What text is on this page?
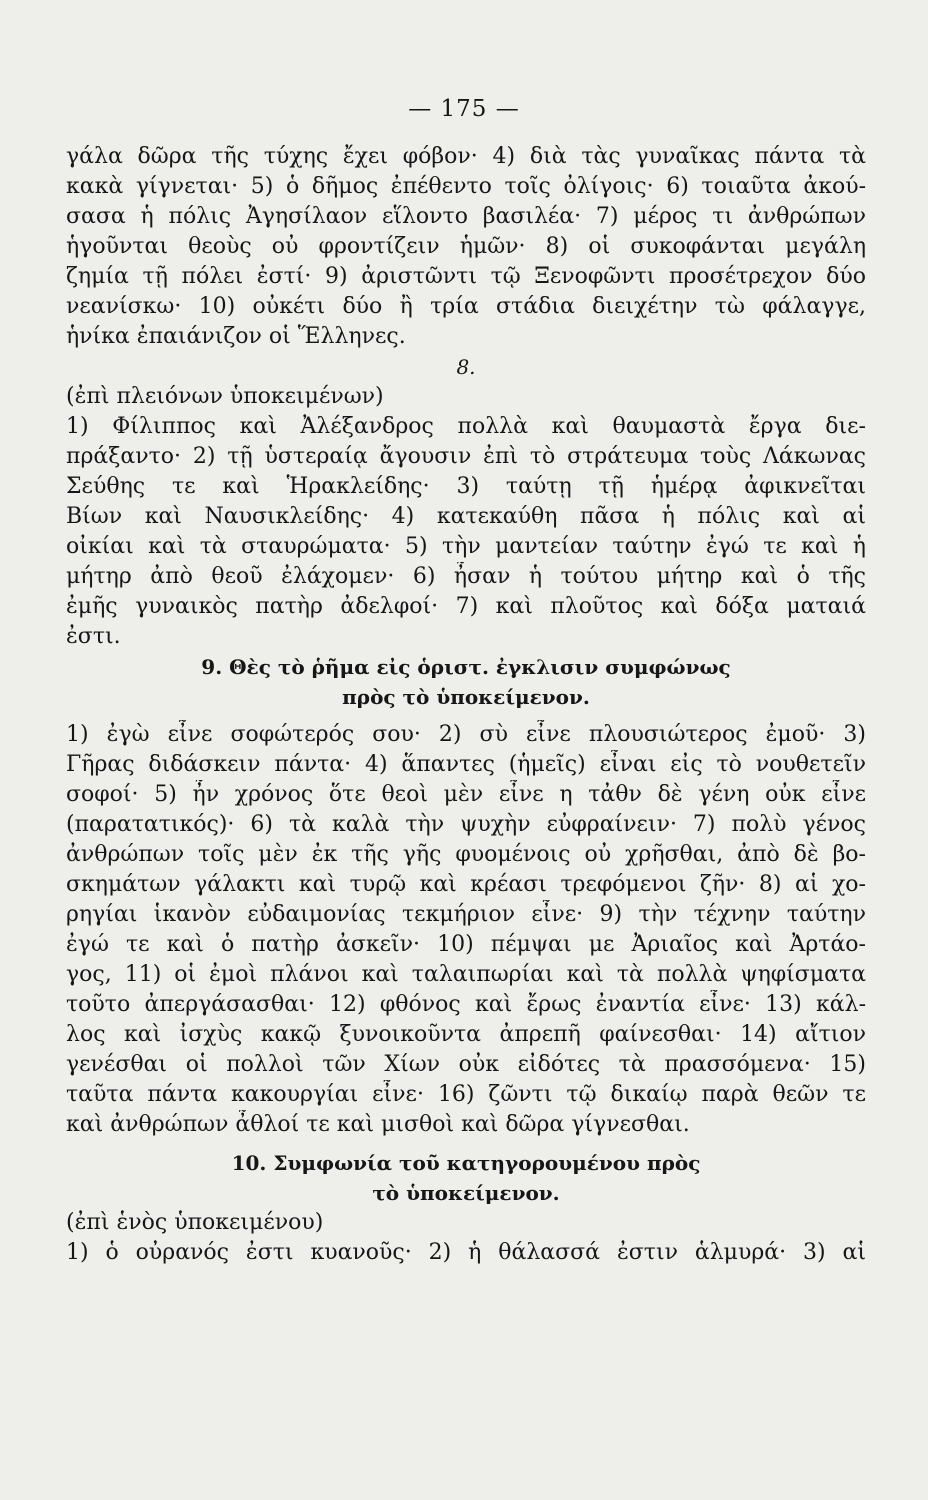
— 175 —
γάλα δῶρα τῆς τύχης ἔχει φόβον· 4) διὰ τὰς γυναῖκας πάντα τὰ
κακὰ γίγνεται· 5) ὁ δῆμος ἐπέθεντο τοῖς ὀλίγοις· 6) τοιαῦτα ἀκού-
σασα ἡ πόλις Ἀγησίλαον εἵλοντο βασιλέα· 7) μέρος τι ἀνθρώπων
ἡγοῦνται θεοὺς οὐ φροντίζειν ἡμῶν· 8) οἱ συκοφάνται μεγάλη
ζημία τῇ πόλει ἐστί· 9) ἀριστῶντι τῷ Ξενοφῶντι προσέτρεχον δύο
νεανίσκω· 10) οὐκέτι δύο ἢ τρία στάδια διειχέτην τὼ φάλαγγε,
ἡνίκα ἐπαιάνιζον οἱ Ἕλληνες.
8.
(ἐπὶ πλειόνων ὑποκειμένων)
1) Φίλιππος καὶ Ἀλέξανδρος πολλὰ καὶ θαυμαστὰ ἔργα διε-
πράξαντο· 2) τῇ ὑστεραίᾳ ἄγουσιν ἐπὶ τὸ στράτευμα τοὺς Λάκωνας
Σεύθης τε καὶ Ἡρακλείδης· 3) ταύτῃ τῇ ἡμέρᾳ ἀφικνεῖται
Βίων καὶ Ναυσικλείδης· 4) κατεκαύθη πᾶσα ἡ πόλις καὶ αἱ
οἰκίαι καὶ τὰ σταυρώματα· 5) τὴν μαντείαν ταύτην ἐγώ τε καὶ ἡ
μήτηρ ἀπὸ θεοῦ ἐλάχομεν· 6) ἦσαν ἡ τούτου μήτηρ καὶ ὁ τῆς
ἐμῆς γυναικὸς πατὴρ ἀδελφοί· 7) καὶ πλοῦτος καὶ δόξα ματαιά
ἐστι.
9. Θὲς τὸ ῥῆμα εἰς ὁριστ. ἐγκλισιν συμφώνως
πρὸς τὸ ὑποκείμενον.
1) ἐγὼ εἶνε σοφώτερός σου· 2) σὺ εἶνε πλουσιώτερος ἐμοῦ· 3)
Γῆρας διδάσκειν πάντα· 4) ἅπαντες (ἡμεῖς) εἶναι εἰς τὸ νουθετεῖν
σοφοί· 5) ἦν χρόνος ὅτε θεοὶ μὲν εἶνε η τἀθν δὲ γένη οὐκ εἶνε
(παρατατικός)· 6) τὰ καλὰ τὴν ψυχὴν εὐφραίνειν· 7) πολὺ γένος
ἀνθρώπων τοῖς μὲν ἐκ τῆς γῆς φυομένοις οὐ χρῆσθαι, ἀπὸ δὲ βο-
σκημάτων γάλακτι καὶ τυρῷ καὶ κρέασι τρεφόμενοι ζῆν· 8) αἱ χο-
ρηγίαι ἱκανὸν εὐδαιμονίας τεκμήριον εἶνε· 9) τὴν τέχνην ταύτην
ἐγώ τε καὶ ὁ πατὴρ ἀσκεῖν· 10) πέμψαι με Ἀριαῖος καὶ Ἀρτάο-
γος, 11) οἱ ἐμοὶ πλάνοι καὶ ταλαιπωρίαι καὶ τὰ πολλὰ ψηφίσματα
τοῦτο ἀπεργάσασθαι· 12) φθόνος καὶ ἔρως ἐναντία εἶνε· 13) κάλ-
λος καὶ ἰσχὺς κακῷ ξυνοικοῦντα ἀπρεπῆ φαίνεσθαι· 14) αἴτιον
γενέσθαι οἱ πολλοὶ τῶν Χίων οὐκ εἰδότες τὰ πρασσόμενα· 15)
ταῦτα πάντα κακουργίαι εἶνε· 16) ζῶντι τῷ δικαίῳ παρὰ θεῶν τε
καὶ ἀνθρώπων ἆθλοί τε καὶ μισθοὶ καὶ δῶρα γίγνεσθαι.
10. Συμφωνία τοῦ κατηγορουμένου πρὸς
τὸ ὑποκείμενον.
(ἐπὶ ἑνὸς ὑποκειμένου)
1) ὁ οὐρανός ἐστι κυανοῦς· 2) ἡ θάλασσά ἐστιν ἁλμυρά· 3) αἱ
